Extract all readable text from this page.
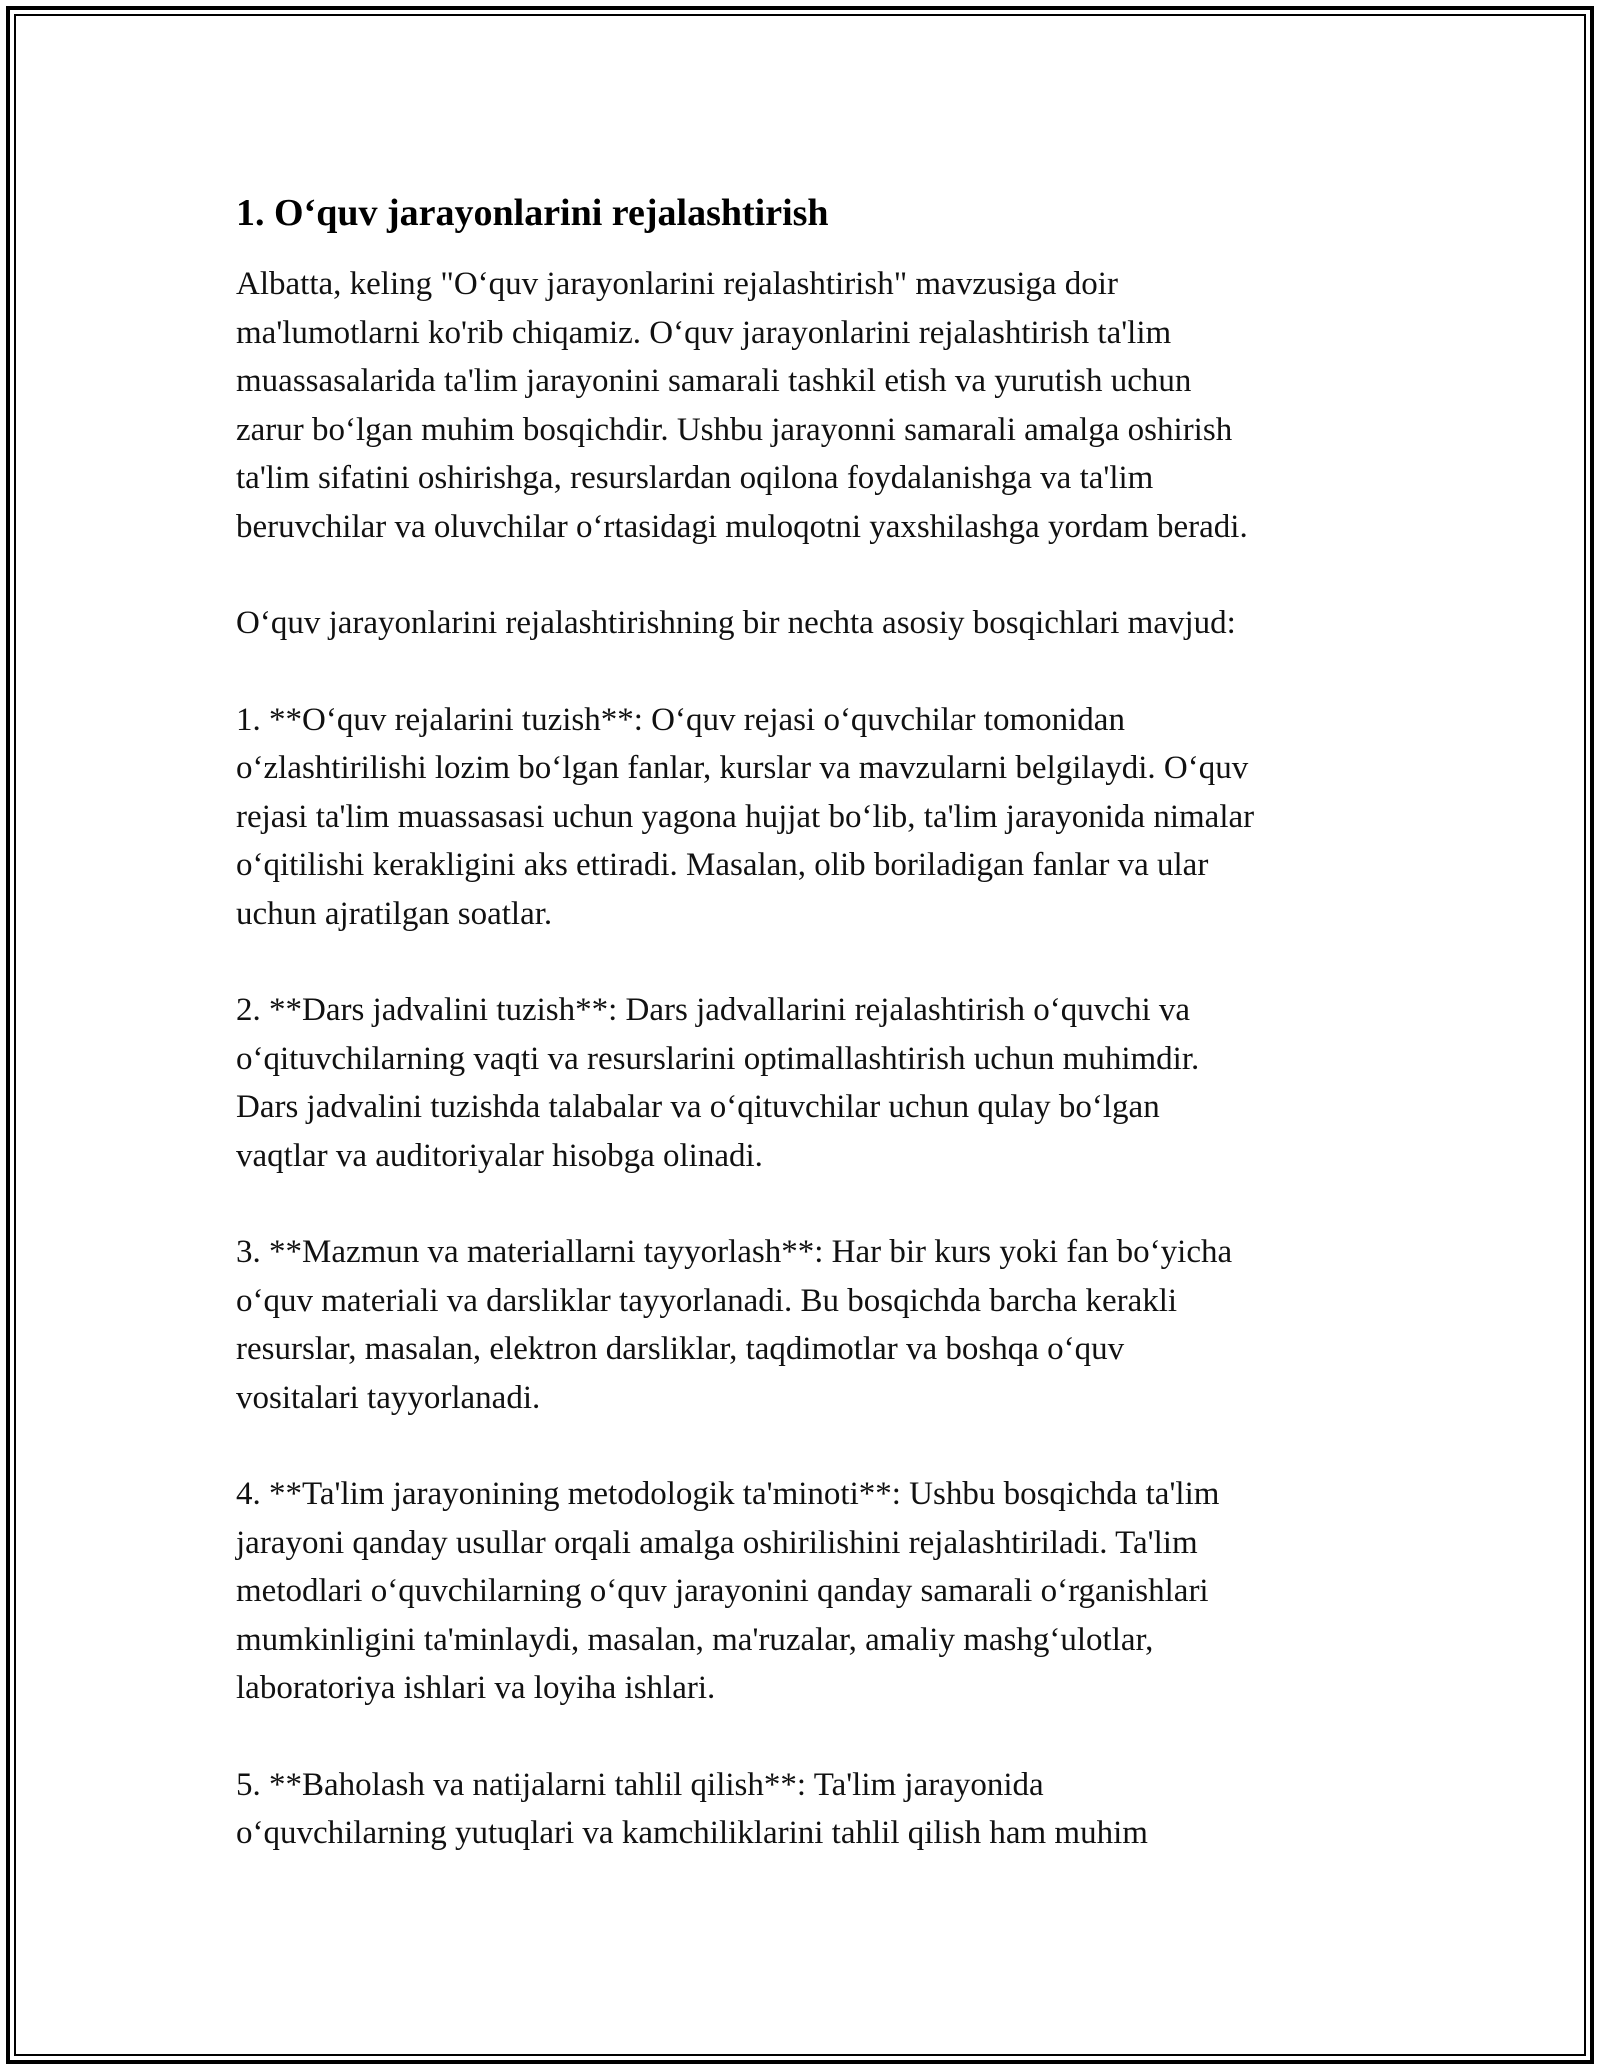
1. O‘quv jarayonlarini rejalashtirish

Albatta, keling "O‘quv jarayonlarini rejalashtirish" mavzusiga doir
ma'lumotlarni ko'rib chiqamiz. O‘quv jarayonlarini rejalashtirish ta'lim
muassasalarida ta'lim jarayonini samarali tashkil etish va yurutish uchun
zarur bo‘lgan muhim bosqichdir. Ushbu jarayonni samarali amalga oshirish
ta'lim sifatini oshirishga, resurslardan oqilona foydalanishga va ta'lim
beruvchilar va oluvchilar o‘rtasidagi muloqotni yaxshilashga yordam beradi.

O‘quv jarayonlarini rejalashtirishning bir nechta asosiy bosqichlari mavjud:

1. **O‘quv rejalarini tuzish**: O‘quv rejasi o‘quvchilar tomonidan
o‘zlashtirilishi lozim bo‘lgan fanlar, kurslar va mavzularni belgilaydi. O‘quv
rejasi ta'lim muassasasi uchun yagona hujjat bo‘lib, ta'lim jarayonida nimalar
o‘qitilishi kerakligini aks ettiradi. Masalan, olib boriladigan fanlar va ular
uchun ajratilgan soatlar.

2. **Dars jadvalini tuzish**: Dars jadvallarini rejalashtirish o‘quvchi va
o‘qituvchilarning vaqti va resurslarini optimallashtirish uchun muhimdir.
Dars jadvalini tuzishda talabalar va o‘qituvchilar uchun qulay bo‘lgan
vaqtlar va auditoriyalar hisobga olinadi.

3. **Mazmun va materiallarni tayyorlash**: Har bir kurs yoki fan bo‘yicha
o‘quv materiali va darsliklar tayyorlanadi. Bu bosqichda barcha kerakli
resurslar, masalan, elektron darsliklar, taqdimotlar va boshqa o‘quv
vositalari tayyorlanadi.

4. **Ta'lim jarayonining metodologik ta'minoti**: Ushbu bosqichda ta'lim
jarayoni qanday usullar orqali amalga oshirilishini rejalashtiriladi. Ta'lim
metodlari o‘quvchilarning o‘quv jarayonini qanday samarali o‘rganishlari
mumkinligini ta'minlaydi, masalan, ma'ruzalar, amaliy mashg‘ulotlar,
laboratoriya ishlari va loyiha ishlari.

5. **Baholash va natijalarni tahlil qilish**: Ta'lim jarayonida
o‘quvchilarning yutuqlari va kamchiliklarini tahlil qilish ham muhim
